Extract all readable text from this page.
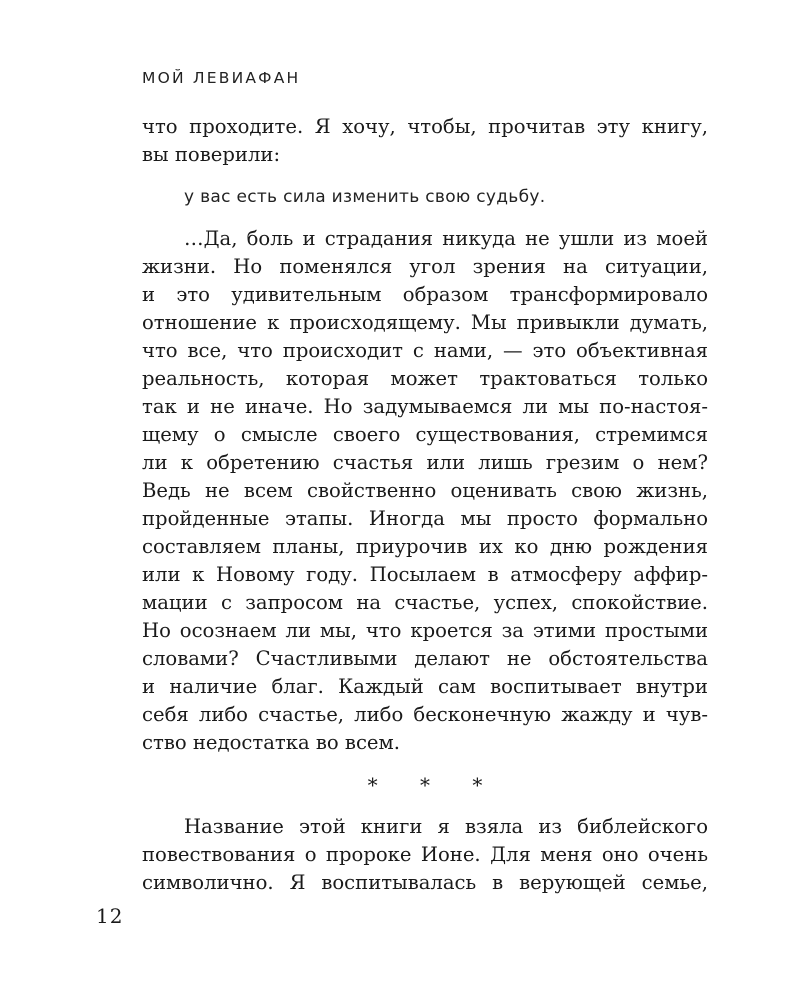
МОЙ ЛЕВИАФАН

что проходите. Я хочу, чтобы, прочитав эту книгу,
вы поверили:

у вас есть сила изменить свою судьбу.

…Да, боль и страдания никуда не ушли из моей
жизни. Но поменялся угол зрения на ситуации,
и это удивительным образом трансформировало
отношение к происходящему. Мы привыкли думать,
что все, что происходит с нами, — это объективная
реальность, которая может трактоваться только
так и не иначе. Но задумываемся ли мы по-настоя-
щему о смысле своего существования, стремимся
ли к обретению счастья или лишь грезим о нем?
Ведь не всем свойственно оценивать свою жизнь,
пройденные этапы. Иногда мы просто формально
составляем планы, приурочив их ко дню рождения
или к Новому году. Посылаем в атмосферу аффир-
мации с запросом на счастье, успех, спокойствие.
Но осознаем ли мы, что кроется за этими простыми
словами? Счастливыми делают не обстоятельства
и наличие благ. Каждый сам воспитывает внутри
себя либо счастье, либо бесконечную жажду и чув-
ство недостатка во всем.

* * *

Название этой книги я взяла из библейского
повествования о пророке Ионе. Для меня оно очень
символично. Я воспитывалась в верующей семье,

12
